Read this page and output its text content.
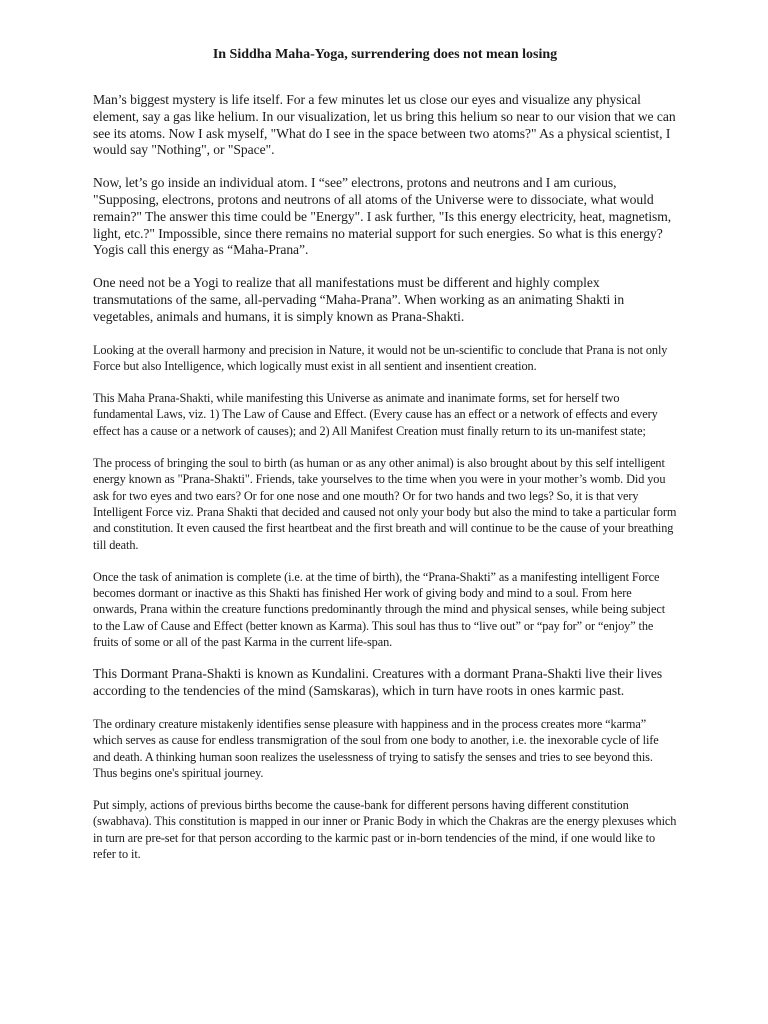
In Siddha Maha-Yoga, surrendering does not mean losing

Man’s biggest mystery is life itself. For a few minutes let us close our eyes and visualize any physical element, say a gas like helium. In our visualization, let us bring this helium so near to our vision that we can see its atoms. Now I ask myself, "What do I see in the space between two atoms?" As a physical scientist, I would say "Nothing", or "Space".

Now, let’s go inside an individual atom. I “see” electrons, protons and neutrons and I am curious, "Supposing, electrons, protons and neutrons of all atoms of the Universe were to dissociate, what would remain?" The answer this time could be "Energy". I ask further, "Is this energy electricity, heat, magnetism, light, etc.?" Impossible, since there remains no material support for such energies. So what is this energy? Yogis call this energy as “Maha-Prana”.

One need not be a Yogi to realize that all manifestations must be different and highly complex transmutations of the same, all-pervading “Maha-Prana”. When working as an animating Shakti in vegetables, animals and humans, it is simply known as Prana-Shakti.

Looking at the overall harmony and precision in Nature, it would not be un-scientific to conclude that Prana is not only Force but also Intelligence, which logically must exist in all sentient and insentient creation.

This Maha Prana-Shakti, while manifesting this Universe as animate and inanimate forms, set for herself two fundamental Laws, viz. 1) The Law of Cause and Effect. (Every cause has an effect or a network of effects and every effect has a cause or a network of causes); and 2) All Manifest Creation must finally return to its un-manifest state;

The process of bringing the soul to birth (as human or as any other animal) is also brought about by this self intelligent energy known as "Prana-Shakti". Friends, take yourselves to the time when you were in your mother’s womb. Did you ask for two eyes and two ears? Or for one nose and one mouth? Or for two hands and two legs? So, it is that very Intelligent Force viz. Prana Shakti that decided and caused not only your body but also the mind to take a particular form and constitution. It even caused the first heartbeat and the first breath and will continue to be the cause of your breathing till death.

Once the task of animation is complete (i.e. at the time of birth), the “Prana-Shakti” as a manifesting intelligent Force becomes dormant or inactive as this Shakti has finished Her work of giving body and mind to a soul. From here onwards, Prana within the creature functions predominantly through the mind and physical senses, while being subject to the Law of Cause and Effect (better known as Karma). This soul has thus to “live out” or “pay for” or “enjoy” the fruits of some or all of the past Karma in the current life-span.

This Dormant Prana-Shakti is known as Kundalini. Creatures with a dormant Prana-Shakti live their lives according to the tendencies of the mind (Samskaras), which in turn have roots in ones karmic past.

The ordinary creature mistakenly identifies sense pleasure with happiness and in the process creates more “karma” which serves as cause for endless transmigration of the soul from one body to another, i.e. the inexorable cycle of life and death. A thinking human soon realizes the uselessness of trying to satisfy the senses and tries to see beyond this. Thus begins one's spiritual journey.

Put simply, actions of previous births become the cause-bank for different persons having different constitution (swabhava). This constitution is mapped in our inner or Pranic Body in which the Chakras are the energy plexuses which in turn are pre-set for that person according to the karmic past or in-born tendencies of the mind, if one would like to refer to it.
